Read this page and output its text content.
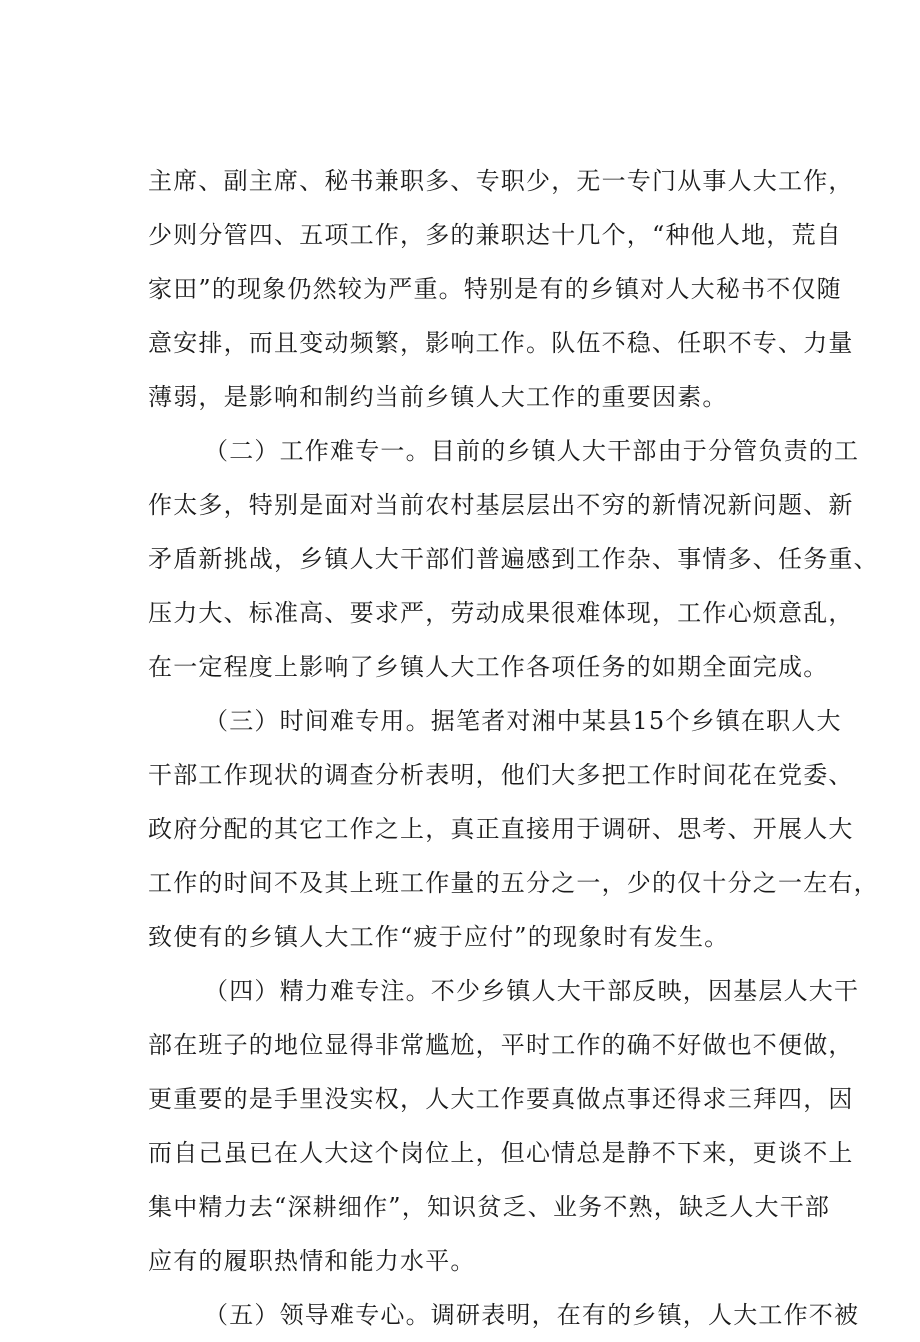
主席、副主席、秘书兼职多、专职少，无一专门从事人大工作，
少则分管四、五项工作，多的兼职达十几个，“种他人地，荒自
家田”的现象仍然较为严重。特别是有的乡镇对人大秘书不仅随
意安排，而且变动频繁，影响工作。队伍不稳、任职不专、力量
薄弱，是影响和制约当前乡镇人大工作的重要因素。
（二）工作难专一。目前的乡镇人大干部由于分管负责的工
作太多，特别是面对当前农村基层层出不穷的新情况新问题、新
矛盾新挑战，乡镇人大干部们普遍感到工作杂、事情多、任务重、
压力大、标准高、要求严，劳动成果很难体现，工作心烦意乱，
在一定程度上影响了乡镇人大工作各项任务的如期全面完成。
（三）时间难专用。据笔者对湘中某县15个乡镇在职人大
干部工作现状的调查分析表明，他们大多把工作时间花在党委、
政府分配的其它工作之上，真正直接用于调研、思考、开展人大
工作的时间不及其上班工作量的五分之一，少的仅十分之一左右，
致使有的乡镇人大工作“疲于应付”的现象时有发生。
（四）精力难专注。不少乡镇人大干部反映，因基层人大干
部在班子的地位显得非常尴尬，平时工作的确不好做也不便做，
更重要的是手里没实权，人大工作要真做点事还得求三拜四，因
而自己虽已在人大这个岗位上，但心情总是静不下来，更谈不上
集中精力去“深耕细作”，知识贫乏、业务不熟，缺乏人大干部
应有的履职热情和能力水平。
（五）领导难专心。调研表明，在有的乡镇，人大工作不被
